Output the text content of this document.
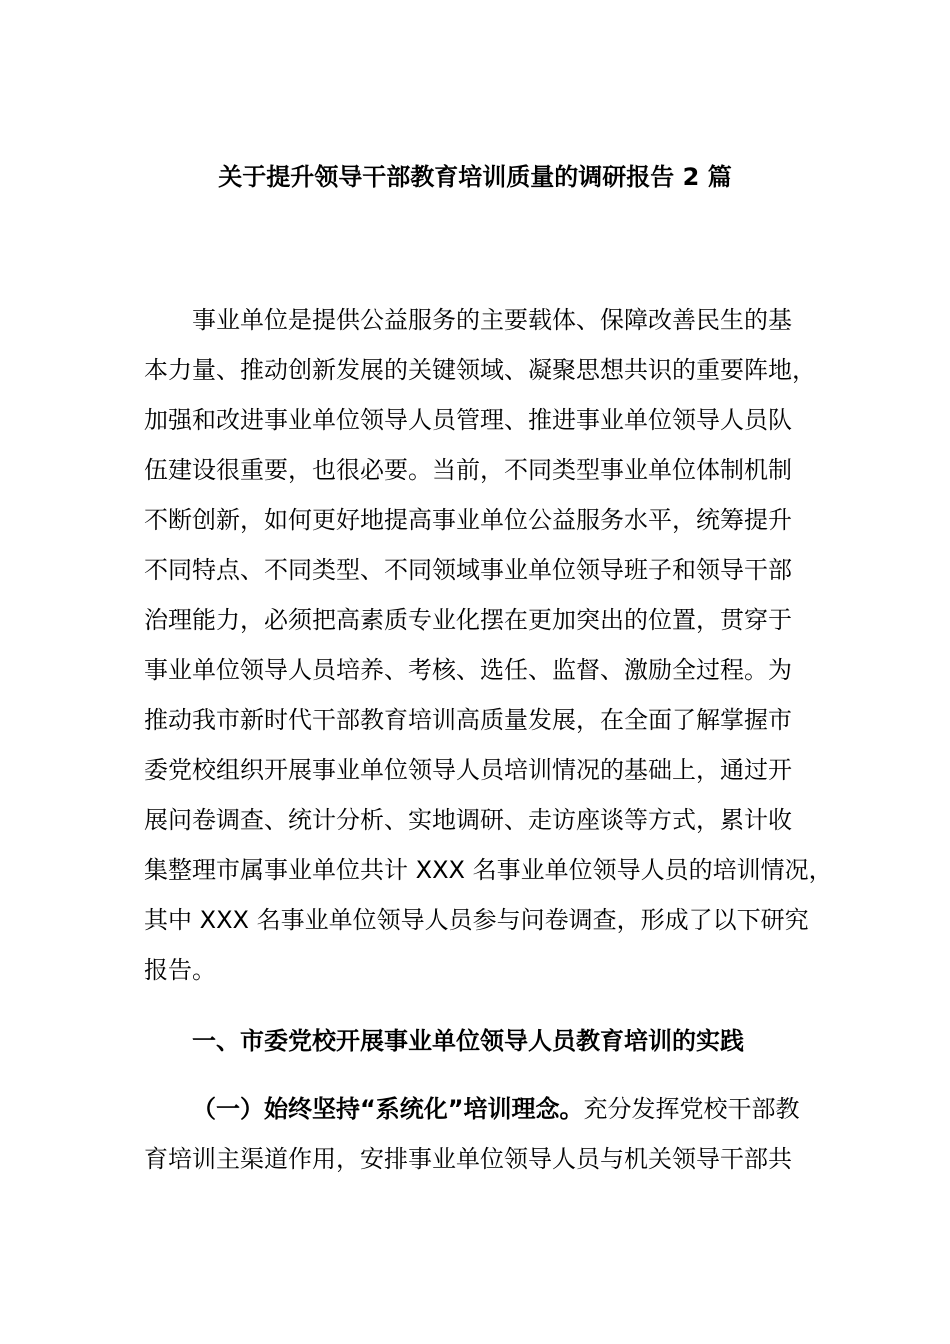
关于提升领导干部教育培训质量的调研报告 2 篇
事业单位是提供公益服务的主要载体、保障改善民生的基
本力量、推动创新发展的关键领域、凝聚思想共识的重要阵地，
加强和改进事业单位领导人员管理、推进事业单位领导人员队
伍建设很重要，也很必要。当前，不同类型事业单位体制机制
不断创新，如何更好地提高事业单位公益服务水平，统筹提升
不同特点、不同类型、不同领域事业单位领导班子和领导干部
治理能力，必须把高素质专业化摆在更加突出的位置，贯穿于
事业单位领导人员培养、考核、选任、监督、激励全过程。为
推动我市新时代干部教育培训高质量发展，在全面了解掌握市
委党校组织开展事业单位领导人员培训情况的基础上，通过开
展问卷调查、统计分析、实地调研、走访座谈等方式，累计收
集整理市属事业单位共计 XXX 名事业单位领导人员的培训情况，
其中 XXX 名事业单位领导人员参与问卷调查，形成了以下研究
报告。
一、市委党校开展事业单位领导人员教育培训的实践
（一）始终坚持“系统化”培训理念。充分发挥党校干部教
育培训主渠道作用，安排事业单位领导人员与机关领导干部共
